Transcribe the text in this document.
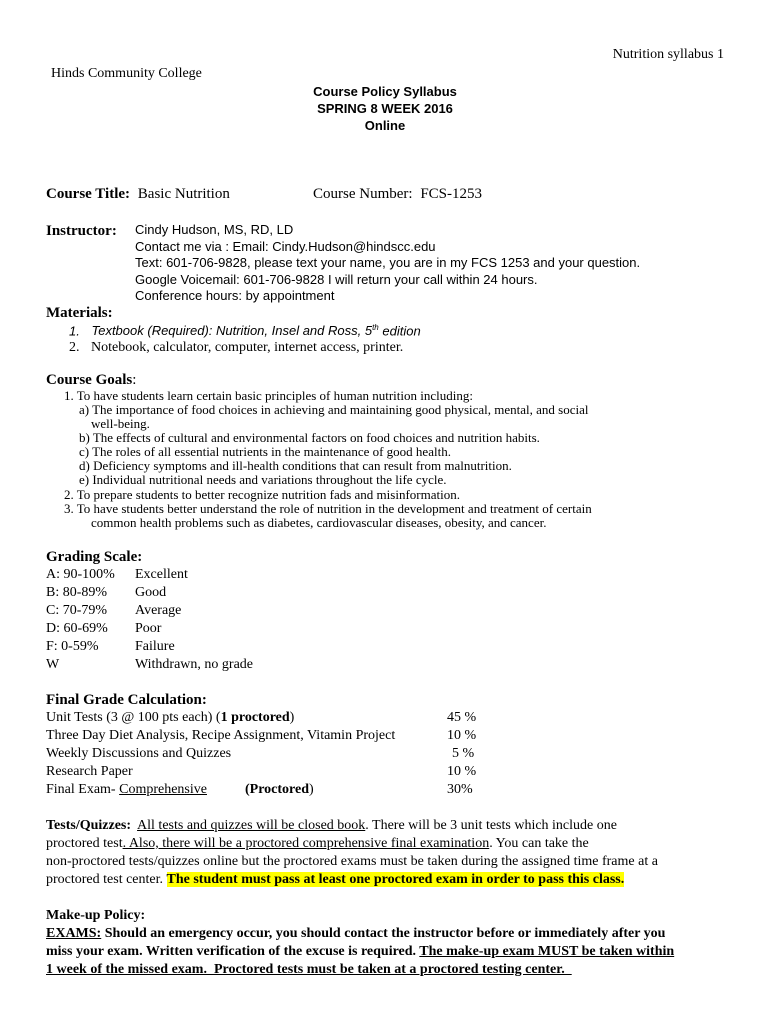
Nutrition syllabus 1
Hinds Community College
Course Policy Syllabus
SPRING 8 WEEK 2016
Online
Course Title: Basic Nutrition	Course Number: FCS-1253
Instructor: Cindy Hudson, MS, RD, LD
Contact me via : Email: Cindy.Hudson@hindscc.edu
Text: 601-706-9828, please text your name, you are in my FCS 1253 and your question.
Google Voicemail: 601-706-9828 I will return your call within 24 hours.
Conference hours: by appointment
Materials:
1. Textbook (Required): Nutrition, Insel and Ross, 5th edition
2. Notebook, calculator, computer, internet access, printer.
Course Goals:
1. To have students learn certain basic principles of human nutrition including:
a) The importance of food choices in achieving and maintaining good physical, mental, and social
well-being.
b) The effects of cultural and environmental factors on food choices and nutrition habits.
c) The roles of all essential nutrients in the maintenance of good health.
d) Deficiency symptoms and ill-health conditions that can result from malnutrition.
e) Individual nutritional needs and variations throughout the life cycle.
2. To prepare students to better recognize nutrition fads and misinformation.
3. To have students better understand the role of nutrition in the development and treatment of certain
common health problems such as diabetes, cardiovascular diseases, obesity, and cancer.
Grading Scale:
A: 90-100% Excellent
B: 80-89% Good
C: 70-79% Average
D: 60-69% Poor
F: 0-59%	Failure
W	Withdrawn, no grade
Final Grade Calculation:
Unit Tests (3 @ 100 pts each) (1 proctored)	45 %
Three Day Diet Analysis, Recipe Assignment, Vitamin Project	10 %
Weekly Discussions and Quizzes	5 %
Research Paper	10 %
Final Exam- Comprehensive	(Proctored)	30%
Tests/Quizzes: All tests and quizzes will be closed book. There will be 3 unit tests which include one
proctored test. Also, there will be a proctored comprehensive final examination. You can take the
non-proctored tests/quizzes online but the proctored exams must be taken during the assigned time frame at a
proctored test center. The student must pass at least one proctored exam in order to pass this class.
Make-up Policy:
EXAMS: Should an emergency occur, you should contact the instructor before or immediately after you
miss your exam. Written verification of the excuse is required. The make-up exam MUST be taken within
1 week of the missed exam.  Proctored tests must be taken at a proctored testing center.
